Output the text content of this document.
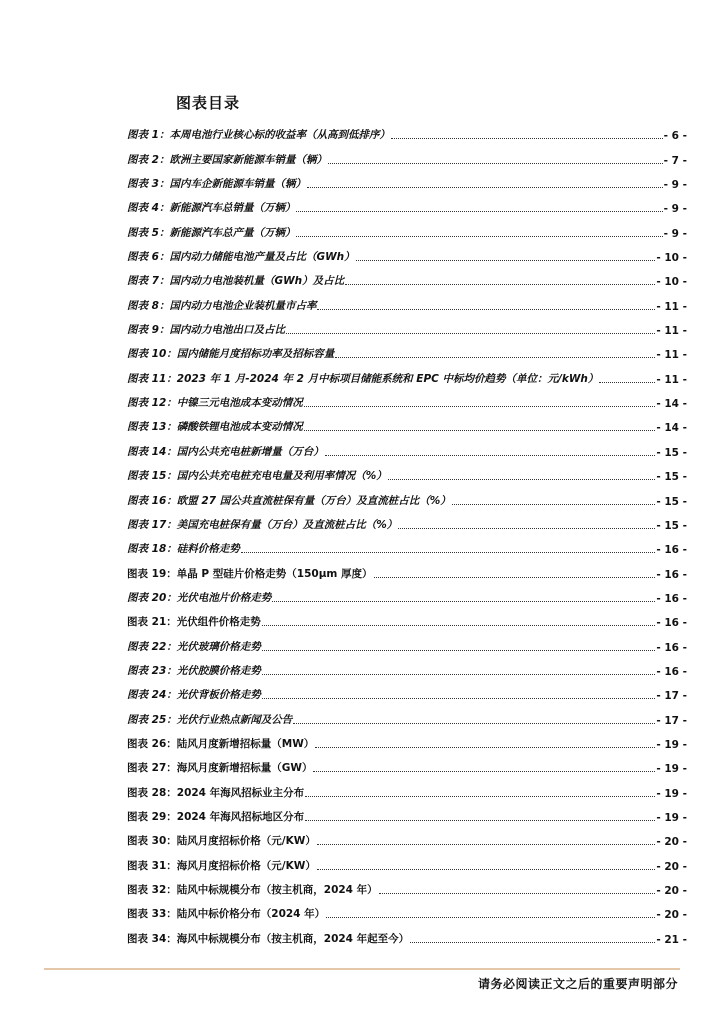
图表目录
图表 1：本周电池行业核心标的收益率（从高到低排序）	- 6 -
图表 2：欧洲主要国家新能源车销量（辆）	- 7 -
图表 3：国内车企新能源车销量（辆）	- 9 -
图表 4：新能源汽车总销量（万辆）	- 9 -
图表 5：新能源汽车总产量（万辆）	- 9 -
图表 6：国内动力储能电池产量及占比（GWh）	- 10 -
图表 7：国内动力电池装机量（GWh）及占比	- 10 -
图表 8：国内动力电池企业装机量市占率	- 11 -
图表 9：国内动力电池出口及占比	- 11 -
图表 10：国内储能月度招标功率及招标容量	- 11 -
图表 11：2023 年 1 月-2024 年 2 月中标项目储能系统和 EPC 中标均价趋势（单位：元/kWh）	- 11 -
图表 12：中镍三元电池成本变动情况	- 14 -
图表 13：磷酸铁锂电池成本变动情况	- 14 -
图表 14：国内公共充电桩新增量（万台）	- 15 -
图表 15：国内公共充电桩充电电量及利用率情况（%）	- 15 -
图表 16：欧盟 27 国公共直流桩保有量（万台）及直流桩占比（%）	- 15 -
图表 17：美国充电桩保有量（万台）及直流桩占比（%）	- 15 -
图表 18：硅料价格走势	- 16 -
图表 19：单晶 P 型硅片价格走势（150μm 厚度）	- 16 -
图表 20：光伏电池片价格走势	- 16 -
图表 21：光伏组件价格走势	- 16 -
图表 22：光伏玻璃价格走势	- 16 -
图表 23：光伏胶膜价格走势	- 16 -
图表 24：光伏背板价格走势	- 17 -
图表 25：光伏行业热点新闻及公告	- 17 -
图表 26：陆风月度新增招标量（MW）	- 19 -
图表 27：海风月度新增招标量（GW）	- 19 -
图表 28：2024 年海风招标业主分布	- 19 -
图表 29：2024 年海风招标地区分布	- 19 -
图表 30：陆风月度招标价格（元/KW）	- 20 -
图表 31：海风月度招标价格（元/KW）	- 20 -
图表 32：陆风中标规模分布（按主机商，2024 年）	- 20 -
图表 33：陆风中标价格分布（2024 年）	- 20 -
图表 34：海风中标规模分布（按主机商，2024 年起至今）	- 21 -
请务必阅读正文之后的重要声明部分
